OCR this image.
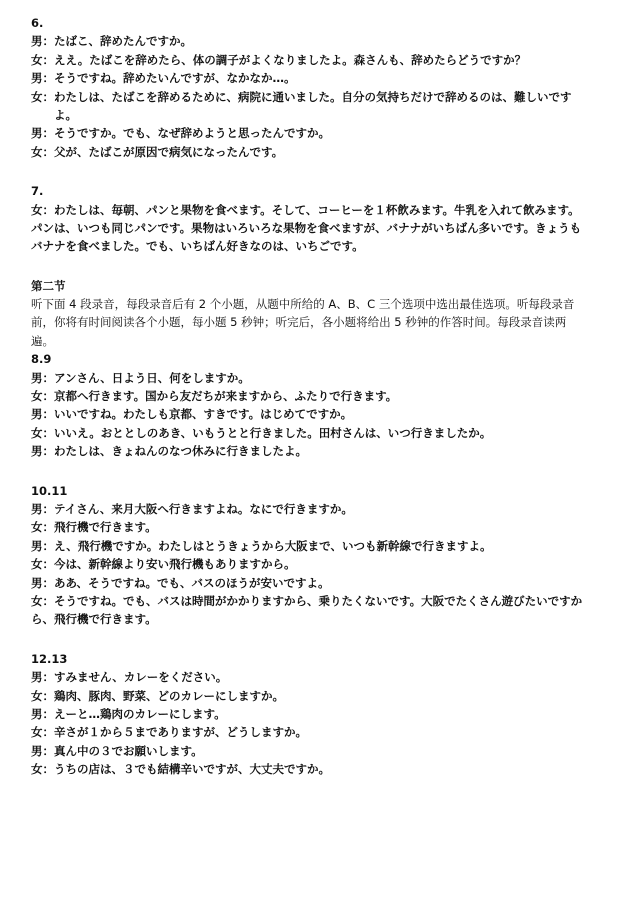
6.

男： たばこ、辞めたんですか。
女： ええ。たばこを辞めたら、体の調子がよくなりましたよ。森さんも、辞めたらどうですか？
男： そうですね。辞めたいんですが、なかなか…。
女： わたしは、たばこを辞めるために、病院に通いました。自分の気持ちだけで辞めるのは、難しいですよ。
男： そうですか。でも、なぜ辞めようと思ったんですか。
女： 父が、たばこが原因で病気になったんです。

7.

女：わたしは、毎朝、パンと果物を食べます。そして、コーヒーを１杯飲みます。牛乳を入れて飲みます。パンは、いつも同じパンです。果物はいろいろな果物を食べますが、バナナがいちばん多いです。きょうもバナナを食べました。でも、いちばん好きなのは、いちごです。

第二节

听下面 4 段录音，每段录音后有 2 个小题，从题中所给的 A、B、C 三个选项中选出最佳选项。听每段录音前，你将有时间阅读各个小题，每小题 5 秒钟；听完后，各小题将给出 5 秒钟的作答时间。每段录音读两遍。

8.9

男： アンさん、日よう日、何をしますか。
女： 京都へ行きます。国から友だちが来ますから、ふたりで行きます。
男： いいですね。わたしも京都、すきです。はじめてですか。
女： いいえ。おととしのあき、いもうとと行きました。田村さんは、いつ行きましたか。
男： わたしは、きょねんのなつ休みに行きましたよ。

10.11

男： テイさん、来月大阪へ行きますよね。なにで行きますか。
女： 飛行機で行きます。
男： え、飛行機ですか。わたしはとうきょうから大阪まで、いつも新幹線で行きますよ。
女： 今は、新幹線より安い飛行機もありますから。
男： ああ、そうですね。でも、バスのほうが安いですよ。

女：そうですね。でも、バスは時間がかかりますから、乗りたくないです。大阪でたくさん遊びたいですから、飛行機で行きます。

12.13

男： すみません、カレーをください。
女： 鶏肉、豚肉、野菜、どのカレーにしますか。
男： えーと…鶏肉のカレーにします。
女： 辛さが１から５までありますが、どうしますか。
男： 真ん中の３でお願いします。
女： うちの店は、３でも結構辛いですが、大丈夫ですか。
